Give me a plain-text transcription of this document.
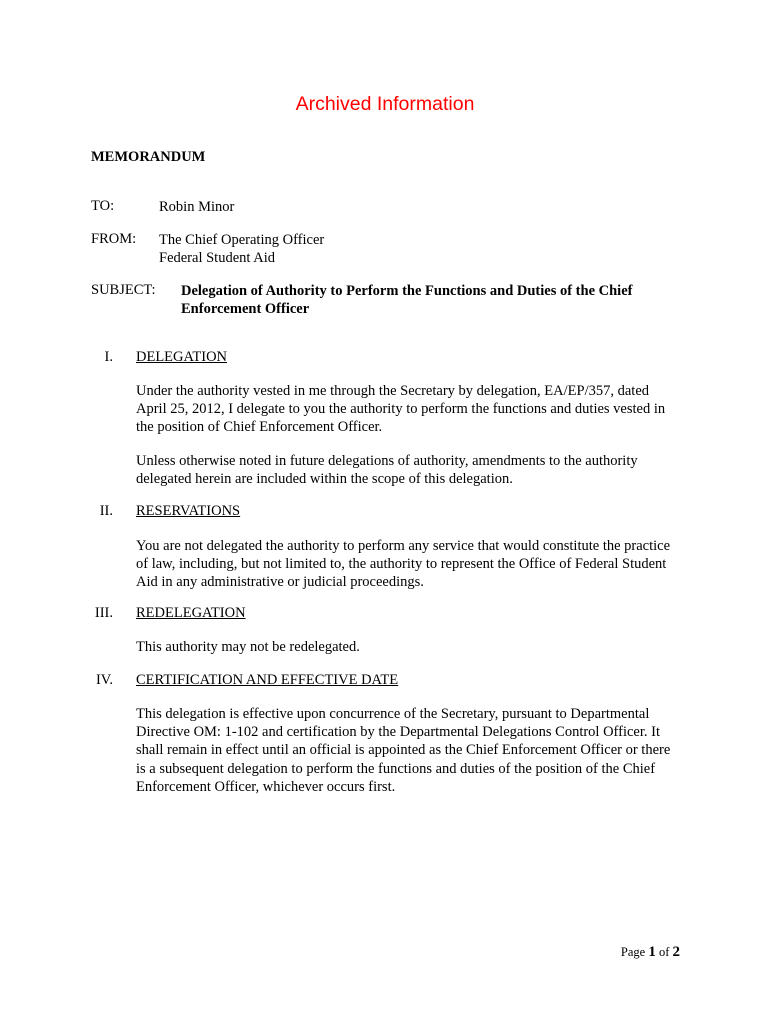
Archived Information
MEMORANDUM
TO:	Robin Minor
FROM: The Chief Operating Officer
Federal Student Aid
SUBJECT: Delegation of Authority to Perform the Functions and Duties of the Chief Enforcement Officer
I. DELEGATION
Under the authority vested in me through the Secretary by delegation, EA/EP/357, dated April 25, 2012, I delegate to you the authority to perform the functions and duties vested in the position of Chief Enforcement Officer.
Unless otherwise noted in future delegations of authority, amendments to the authority delegated herein are included within the scope of this delegation.
II. RESERVATIONS
You are not delegated the authority to perform any service that would constitute the practice of law, including, but not limited to, the authority to represent the Office of Federal Student Aid in any administrative or judicial proceedings.
III. REDELEGATION
This authority may not be redelegated.
IV. CERTIFICATION AND EFFECTIVE DATE
This delegation is effective upon concurrence of the Secretary, pursuant to Departmental Directive OM: 1-102 and certification by the Departmental Delegations Control Officer. It shall remain in effect until an official is appointed as the Chief Enforcement Officer or there is a subsequent delegation to perform the functions and duties of the position of the Chief Enforcement Officer, whichever occurs first.
Page 1 of 2
